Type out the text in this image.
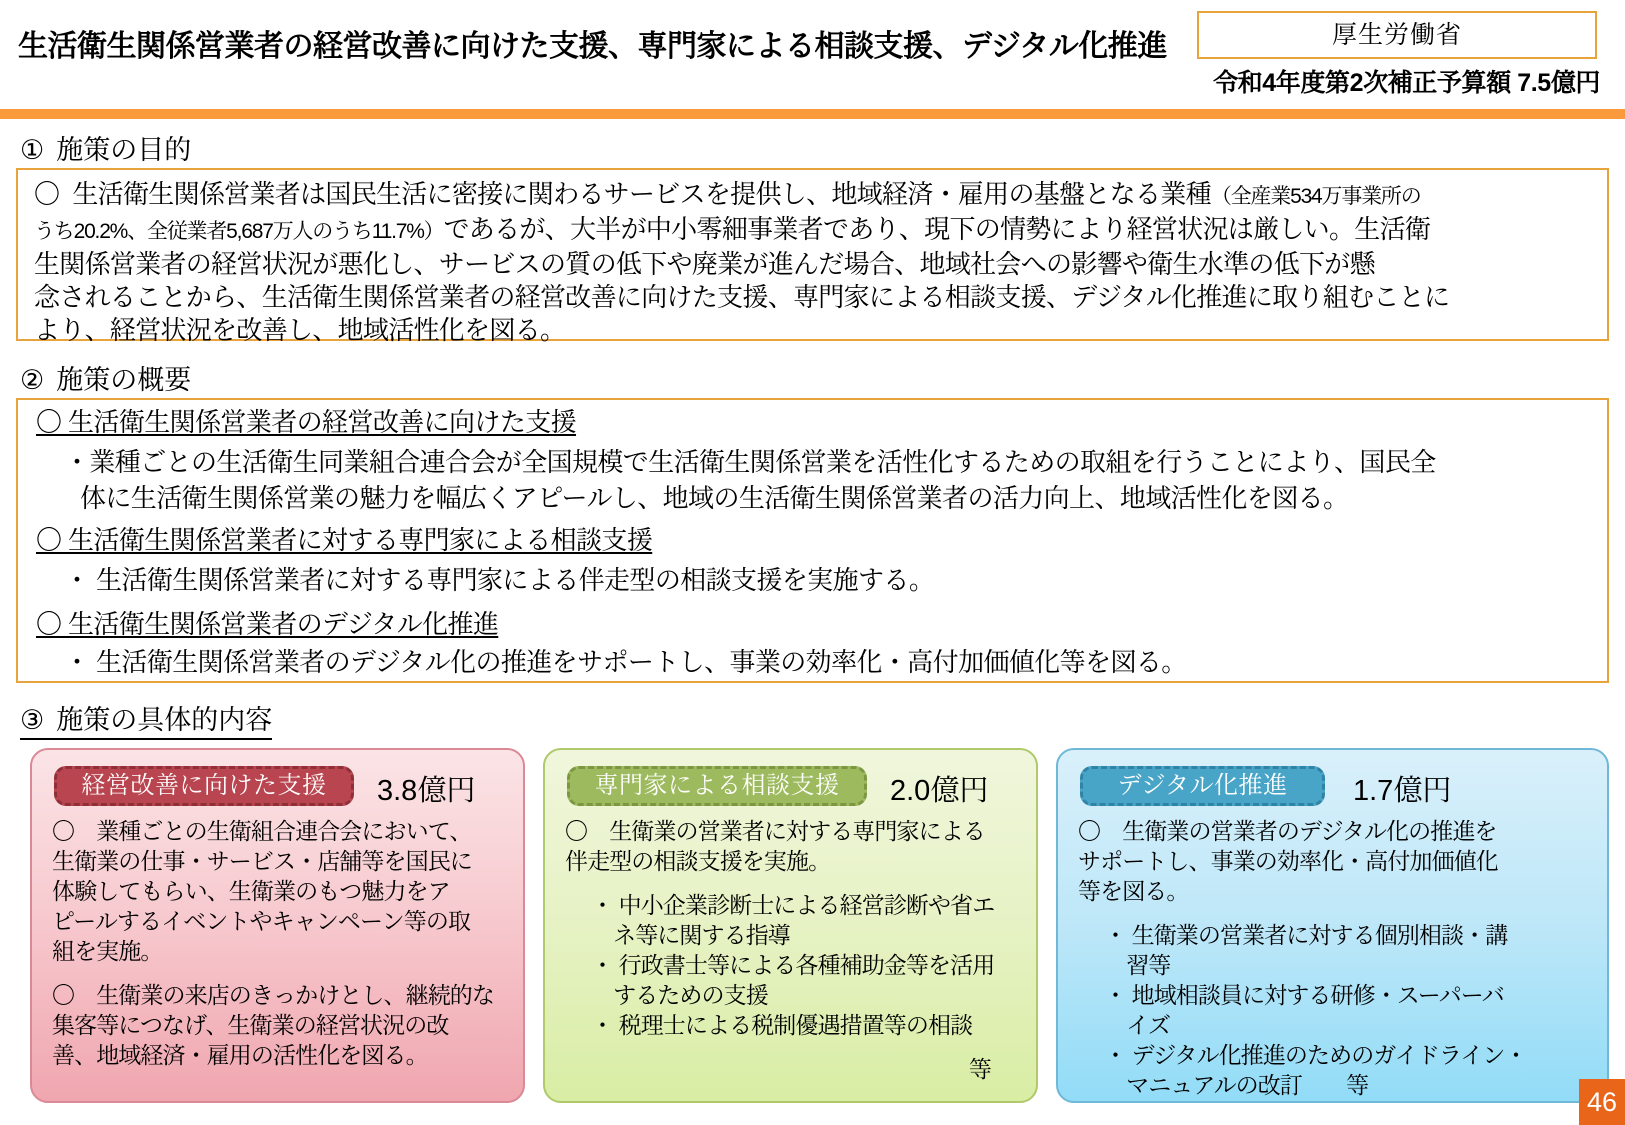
生活衛生関係営業者の経営改善に向けた支援、専門家による相談支援、デジタル化推進	厚生労働省
令和4年度第2次補正予算額 7.5億円
① 施策の目的
〇 生活衛生関係営業者は国民生活に密接に関わるサービスを提供し、地域経済・雇用の基盤となる業種（全産業534万事業所の
うち20.2%、全従業者5,687万人のうち11.7%）であるが、大半が中小零細事業者であり、現下の情勢により経営状況は厳しい。生活衛
生関係営業者の経営状況が悪化し、サービスの質の低下や廃業が進んだ場合、地域社会への影響や衛生水準の低下が懸
念されることから、生活衛生関係営業者の経営改善に向けた支援、専門家による相談支援、デジタル化推進に取り組むことに
より、経営状況を改善し、地域活性化を図る。
② 施策の概要
〇 生活衛生関係営業者の経営改善に向けた支援
・業種ごとの生活衛生同業組合連合会が全国規模で生活衛生関係営業を活性化するための取組を行うことにより、国民全
体に生活衛生関係営業の魅力を幅広くアピールし、地域の生活衛生関係営業者の活力向上、地域活性化を図る。
〇 生活衛生関係営業者に対する専門家による相談支援
・ 生活衛生関係営業者に対する専門家による伴走型の相談支援を実施する。
〇 生活衛生関係営業者のデジタル化推進
・ 生活衛生関係営業者のデジタル化の推進をサポートし、事業の効率化・高付加価値化等を図る。
③ 施策の具体的内容
経営改善に向けた支援	3.8億円
〇　業種ごとの生衛組合連合会において、
生衛業の仕事・サービス・店舗等を国民に
体験してもらい、生衛業のもつ魅力をア
ピールするイベントやキャンペーン等の取
組を実施。
〇　生衛業の来店のきっかけとし、継続的な
集客等につなげ、生衛業の経営状況の改
善、地域経済・雇用の活性化を図る。
専門家による相談支援	2.0億円
〇　生衛業の営業者に対する専門家による
伴走型の相談支援を実施。
・ 中小企業診断士による経営診断や省エ
　ネ等に関する指導
・ 行政書士等による各種補助金等を活用
　するための支援
・ 税理士による税制優遇措置等の相談
等
デジタル化推進	1.7億円
〇　生衛業の営業者のデジタル化の推進を
サポートし、事業の効率化・高付加価値化
等を図る。
・ 生衛業の営業者に対する個別相談・講
　習等
・ 地域相談員に対する研修・スーパーバ
　イズ
・ デジタル化推進のためのガイドライン・
　マニュアルの改訂　　等
46
